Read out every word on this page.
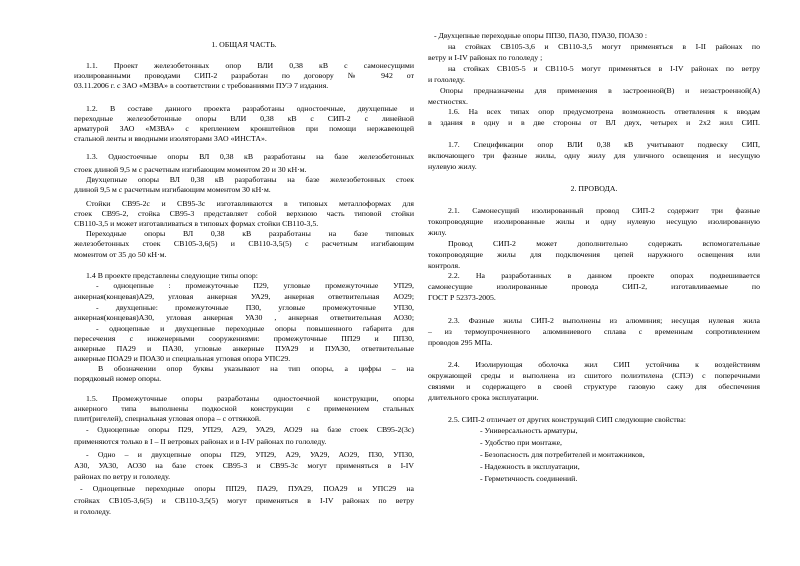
1. ОБЩАЯ ЧАСТЬ.
1.1. Проект железобетонных опор ВЛИ 0,38 кВ с самонесущими
изолированными проводами СИП-2 разработан по договору № 942 от
03.11.2006 г. с ЗАО «МЗВА» в соответствии с требованиями ПУЭ 7 издания.
1.2. В составе данного проекта разработаны одностоечные, двухцепные и
переходные железобетонные опоры ВЛИ 0,38 кВ с СИП-2 с линейной
арматурой ЗАО «МЗВА» с креплением кронштейнов при помощи нержавеющей
стальной ленты и вводными изоляторами ЗАО «ИНСТА».
1.3. Одностоечные опоры ВЛ 0,38 кВ разработаны на базе железобетонных
стоек длиной 9,5 м с расчетным изгибающим моментом 20 и 30 кН·м.
Двухцепные опоры ВЛ 0,38 кВ разработаны на базе железобетонных стоек
длиной 9,5 м с расчетным изгибающим моментом 30 кН·м.
Стойки СВ95-2с и СВ95-3с изготавливаются в типовых металлоформах для
стоек СВ95-2, стойка СВ95-3 представляет собой верхнюю часть типовой стойки
СВ110-3,5 и может изготавливаться в типовых формах стойки СВ110-3,5.
Переходные опоры ВЛ 0,38 кВ разработаны на базе типовых
железобетонных стоек СВ105-3,6(5) и СВ110-3,5(5) с расчетным изгибающим
моментом от 35 до 50 кН·м.
1.4 В проекте представлены следующие типы опор:
- одноцепные : промежуточные П29, угловые промежуточные УП29,
анкерная(концевая)А29, угловая анкерная УА29, анкерная ответвительная АО29;
- двухцепные: промежуточные П30, угловые промежуточные УП30,
анкерная(концевая)А30, угловая анкерная УА30 , анкерная ответвительная АО30;
- одноцепные и двухцепные переходные опоры повышенного габарита для
пересечения с инженерными сооружениями: промежуточные ПП29 и ПП30,
анкерные ПА29 и ПА30, угловые анкерные ПУА29 и ПУА30, ответвительные
анкерные ПОА29 и ПОА30 и специальная угловая опора УПС29.
В обозначении опор буквы указывают на тип опоры, а цифры – на
порядковый номер опоры.
1.5. Промежуточные опоры разработаны одностоечной конструкции, опоры
анкерного типа выполнены подкосной конструкции с применением стальных
плит(ригелей), специальная угловая опора – с оттяжкой.
- Одноцепные опоры П29, УП29, А29, УА29, АО29 на базе стоек СВ95-2(3с)
применяются только в I – II ветровых районах и в I-IV районах по гололеду.
- Одно – и двухцепные опоры П29, УП29, А29, УА29, АО29, П30, УП30,
А30, УА30, АО30 на базе стоек СВ95-3 и СВ95-3с могут применяться в I-IV
районах по ветру и гололеду.
- Одноцепные переходные опоры ПП29, ПА29, ПУА29, ПОА29 и УПС29 на
стойках СВ105-3,6(5) и СВ110-3,5(5) могут применяться в I-IV районах по ветру
и гололеду.
- Двухцепные переходные опоры ПП30, ПА30, ПУА30, ПОА30 :
на стойках СВ105-3,6 и СВ110-3,5 могут применяться в I-II районах по
ветру и I-IV районах по гололеду ;
на стойках СВ105-5 и СВ110-5 могут применяться в I-IV районах по ветру
и гололеду.
Опоры предназначены для применения в застроенной(В) и незастроенной(А)
местностях.
1.6. На всех типах опор предусмотрена возможность ответвления к вводам
в здания в одну и в две стороны от ВЛ двух, четырех и 2х2 жил СИП.
1.7. Спецификации опор ВЛИ 0,38 кВ учитывают подвеску СИП,
включающего три фазные жилы, одну жилу для уличного освещения и несущую
нулевую жилу.
2. ПРОВОДА.
2.1. Самонесущий изолированный провод СИП-2 содержит три фазные
токопроводящие изолированные жилы и одну нулевую несущую изолированную
жилу.
Провод СИП-2 может дополнительно содержать вспомогательные
токопроводящие жилы для подключения цепей наружного освещения или
контроля.
2.2. На разработанных в данном проекте опорах подвешивается
самонесущие изолированные провода СИП-2, изготавливаемые по
ГОСТ Р 52373-2005.
2.3. Фазные жилы СИП-2 выполнены из алюминия; несущая нулевая жила
– из термоупрочненного алюминиевого сплава с временным сопротивлением
проводов 295 МПа.
2.4. Изолирующая оболочка жил СИП устойчива к воздействиям
окружающей среды и выполнена из сшитого полиэтилена (СПЭ) с поперечными
связями и содержащего в своей структуре газовую сажу для обеспечения
длительного срока эксплуатации.
2.5. СИП-2 отличает от других конструкций СИП следующие свойства:
- Универсальность арматуры,
- Удобство при монтаже,
- Безопасность для потребителей и монтажников,
- Надежность в эксплуатации,
- Герметичность соединений.
